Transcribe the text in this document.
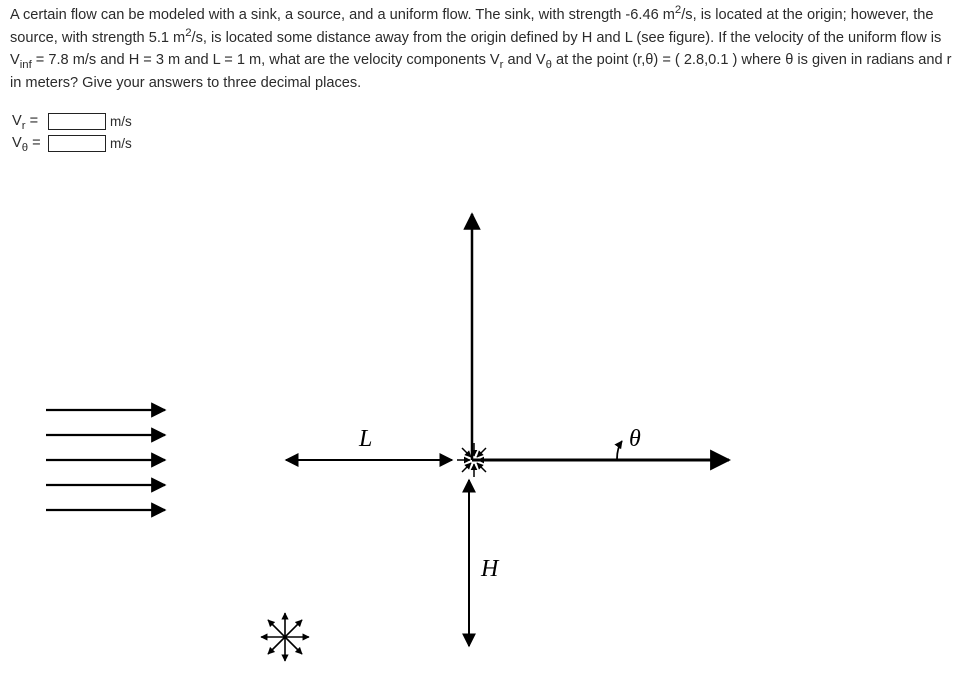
A certain flow can be modeled with a sink, a source, and a uniform flow. The sink, with strength -6.46 $m^2/s$, is located at the origin; however, the source, with strength 5.1 $m^2/s$, is located some distance away from the origin defined by H and L (see figure). If the velocity of the uniform flow is $V_{inf} = 7.8$ m/s and H = 3 m and L = 1 m, what are the velocity components $V_r$ and $V_\theta$ at the point (r,θ) = ( 2.8,0.1 ) where θ is given in radians and r in meters? Give your answers to three decimal places.
$V_r$ =	m/s
$V_\theta$ =	m/s
L
H
θ
